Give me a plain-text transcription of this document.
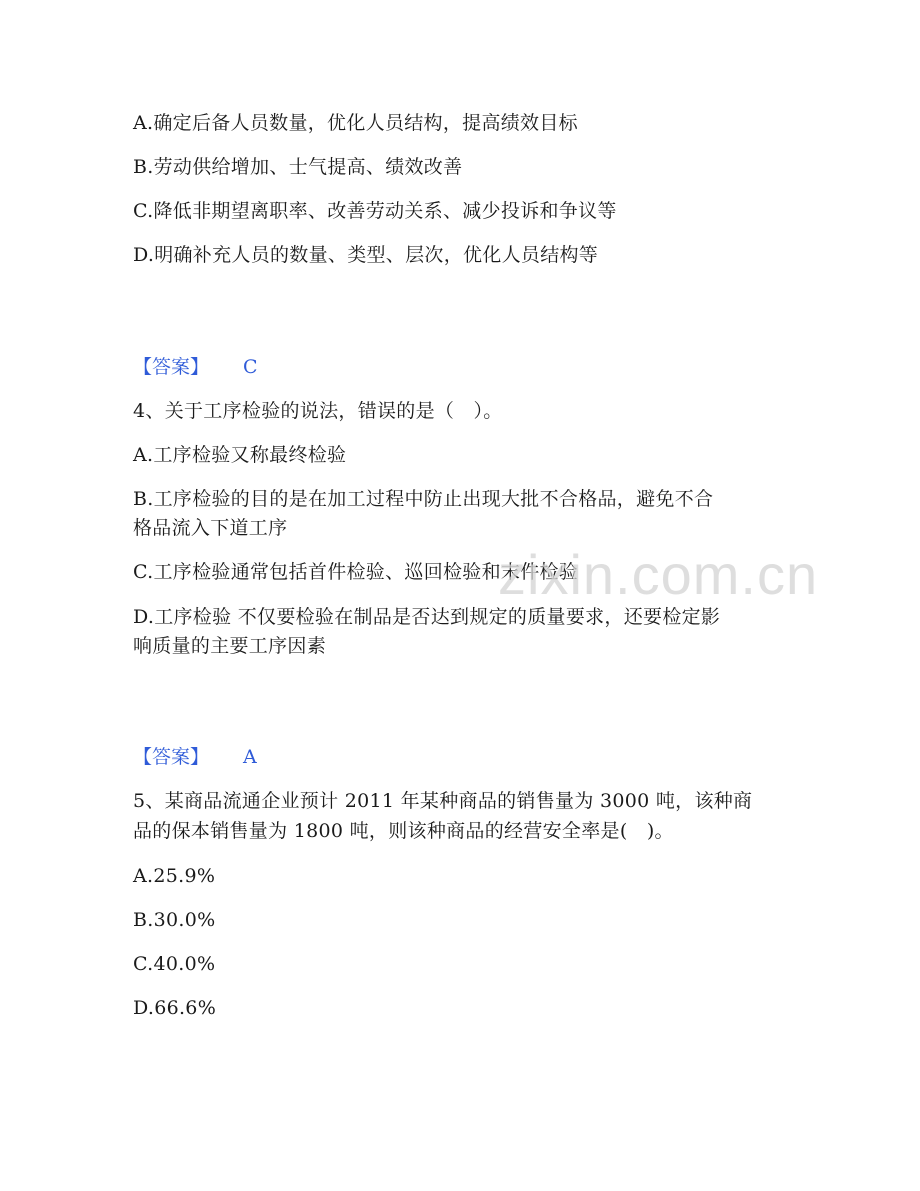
A.确定后备人员数量，优化人员结构，提高绩效目标
B.劳动供给增加、士气提高、绩效改善
C.降低非期望离职率、改善劳动关系、减少投诉和争议等
D.明确补充人员的数量、类型、层次，优化人员结构等
【答案】 C
4、关于工序检验的说法，错误的是（　）。
A.工序检验又称最终检验
B.工序检验的目的是在加工过程中防止出现大批不合格品，避免不合
格品流入下道工序
C.工序检验通常包括首件检验、巡回检验和末件检验
D.工序检验 不仅要检验在制品是否达到规定的质量要求，还要检定影
响质量的主要工序因素
【答案】 A
5、某商品流通企业预计 2011 年某种商品的销售量为 3000 吨，该种商
品的保本销售量为 1800 吨，则该种商品的经营安全率是(　)。
A.25.9%
B.30.0%
C.40.0%
D.66.6%
zixin.com.cn
